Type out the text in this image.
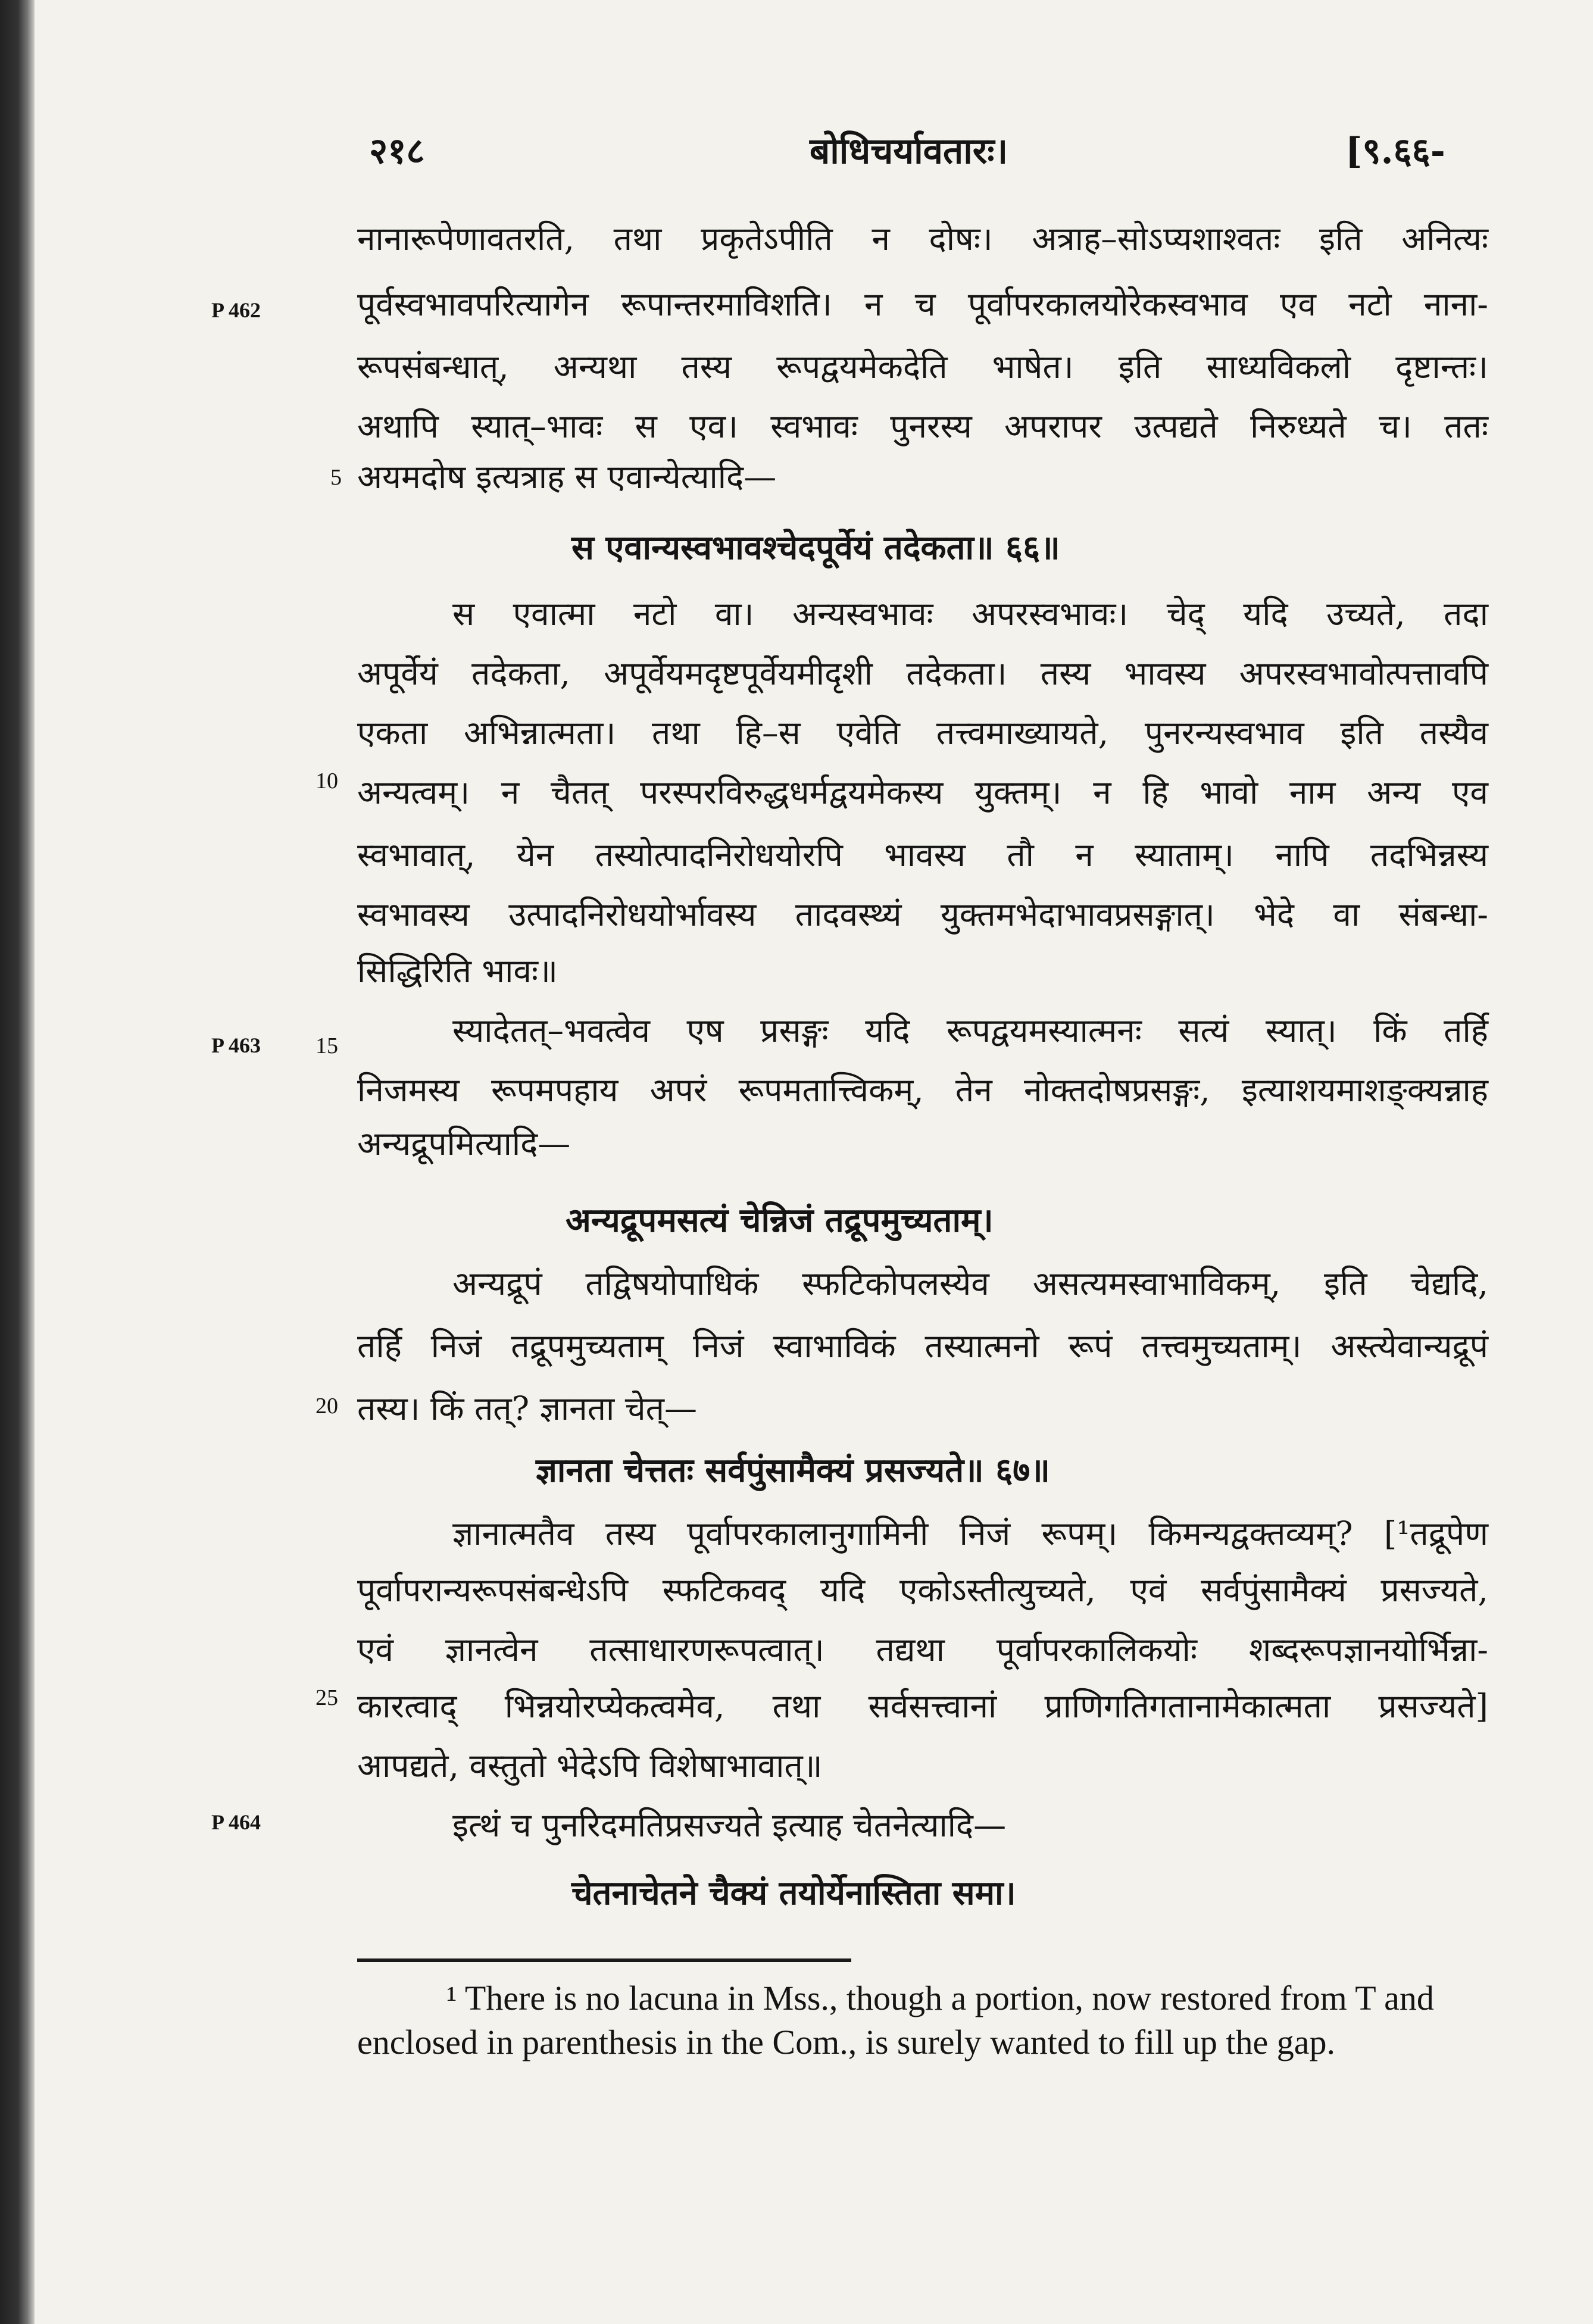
२१८	बोधिचर्यावतारः।	[९.६६-
P 462
P 463
P 464
5
10
15
20
25
नानारूपेणावतरति, तथा प्रकृतेऽपीति न दोषः। अत्राह–सोऽप्यशाश्वतः इति अनित्यः
पूर्वस्वभावपरित्यागेन रूपान्तरमाविशति। न च पूर्वापरकालयोरेकस्वभाव एव नटो नाना-
रूपसंबन्धात्, अन्यथा तस्य रूपद्वयमेकदेति भाषेत। इति साध्यविकलो दृष्टान्तः।
अथापि स्यात्–भावः स एव। स्वभावः पुनरस्य अपरापर उत्पद्यते निरुध्यते च। ततः
अयमदोष इत्यत्राह स एवान्येत्यादि—
स एवान्यस्वभावश्चेदपूर्वेयं तदेकता॥ ६६॥
स एवात्मा नटो वा। अन्यस्वभावः अपरस्वभावः। चेद् यदि उच्यते, तदा
अपूर्वेयं तदेकता, अपूर्वेयमदृष्टपूर्वेयमीदृशी तदेकता। तस्य भावस्य अपरस्वभावोत्पत्तावपि
एकता अभिन्नात्मता। तथा हि–स एवेति तत्त्वमाख्यायते, पुनरन्यस्वभाव इति तस्यैव
अन्यत्वम्। न चैतत् परस्परविरुद्धधर्मद्वयमेकस्य युक्तम्। न हि भावो नाम अन्य एव
स्वभावात्, येन तस्योत्पादनिरोधयोरपि भावस्य तौ न स्याताम्। नापि तदभिन्नस्य
स्वभावस्य उत्पादनिरोधयोर्भावस्य तादवस्थ्यं युक्तमभेदाभावप्रसङ्गात्। भेदे वा संबन्धा-
सिद्धिरिति भावः॥
स्यादेतत्–भवत्वेव एष प्रसङ्गः यदि रूपद्वयमस्यात्मनः सत्यं स्यात्। किं तर्हि
निजमस्य रूपमपहाय अपरं रूपमतात्त्विकम्, तेन नोक्तदोषप्रसङ्गः, इत्याशयमाशङ्क्यन्नाह
अन्यद्रूपमित्यादि—
अन्यद्रूपमसत्यं चेन्निजं तद्रूपमुच्यताम्।
अन्यद्रूपं तद्विषयोपाधिकं स्फटिकोपलस्येव असत्यमस्वाभाविकम्, इति चेद्यदि,
तर्हि निजं तद्रूपमुच्यताम् निजं स्वाभाविकं तस्यात्मनो रूपं तत्त्वमुच्यताम्। अस्त्येवान्यद्रूपं
तस्य। किं तत्? ज्ञानता चेत्—
ज्ञानता चेत्ततः सर्वपुंसामैक्यं प्रसज्यते॥ ६७॥
ज्ञानात्मतैव तस्य पूर्वापरकालानुगामिनी निजं रूपम्। किमन्यद्वक्तव्यम्? [¹तद्रूपेण
पूर्वापरान्यरूपसंबन्धेऽपि स्फटिकवद् यदि एकोऽस्तीत्युच्यते, एवं सर्वपुंसामैक्यं प्रसज्यते,
एवं ज्ञानत्वेन तत्साधारणरूपत्वात्। तद्यथा पूर्वापरकालिकयोः शब्दरूपज्ञानयोर्भिन्ना-
कारत्वाद् भिन्नयोरप्येकत्वमेव, तथा सर्वसत्त्वानां प्राणिगतिगतानामेकात्मता प्रसज्यते]
आपद्यते, वस्तुतो भेदेऽपि विशेषाभावात्॥
इत्थं च पुनरिदमतिप्रसज्यते इत्याह चेतनेत्यादि—
चेतनाचेतने चैक्यं तयोर्येनास्तिता समा।
¹ There is no lacuna in Mss., though a portion, now restored from T and enclosed in parenthesis in the Com., is surely wanted to fill up the gap.
